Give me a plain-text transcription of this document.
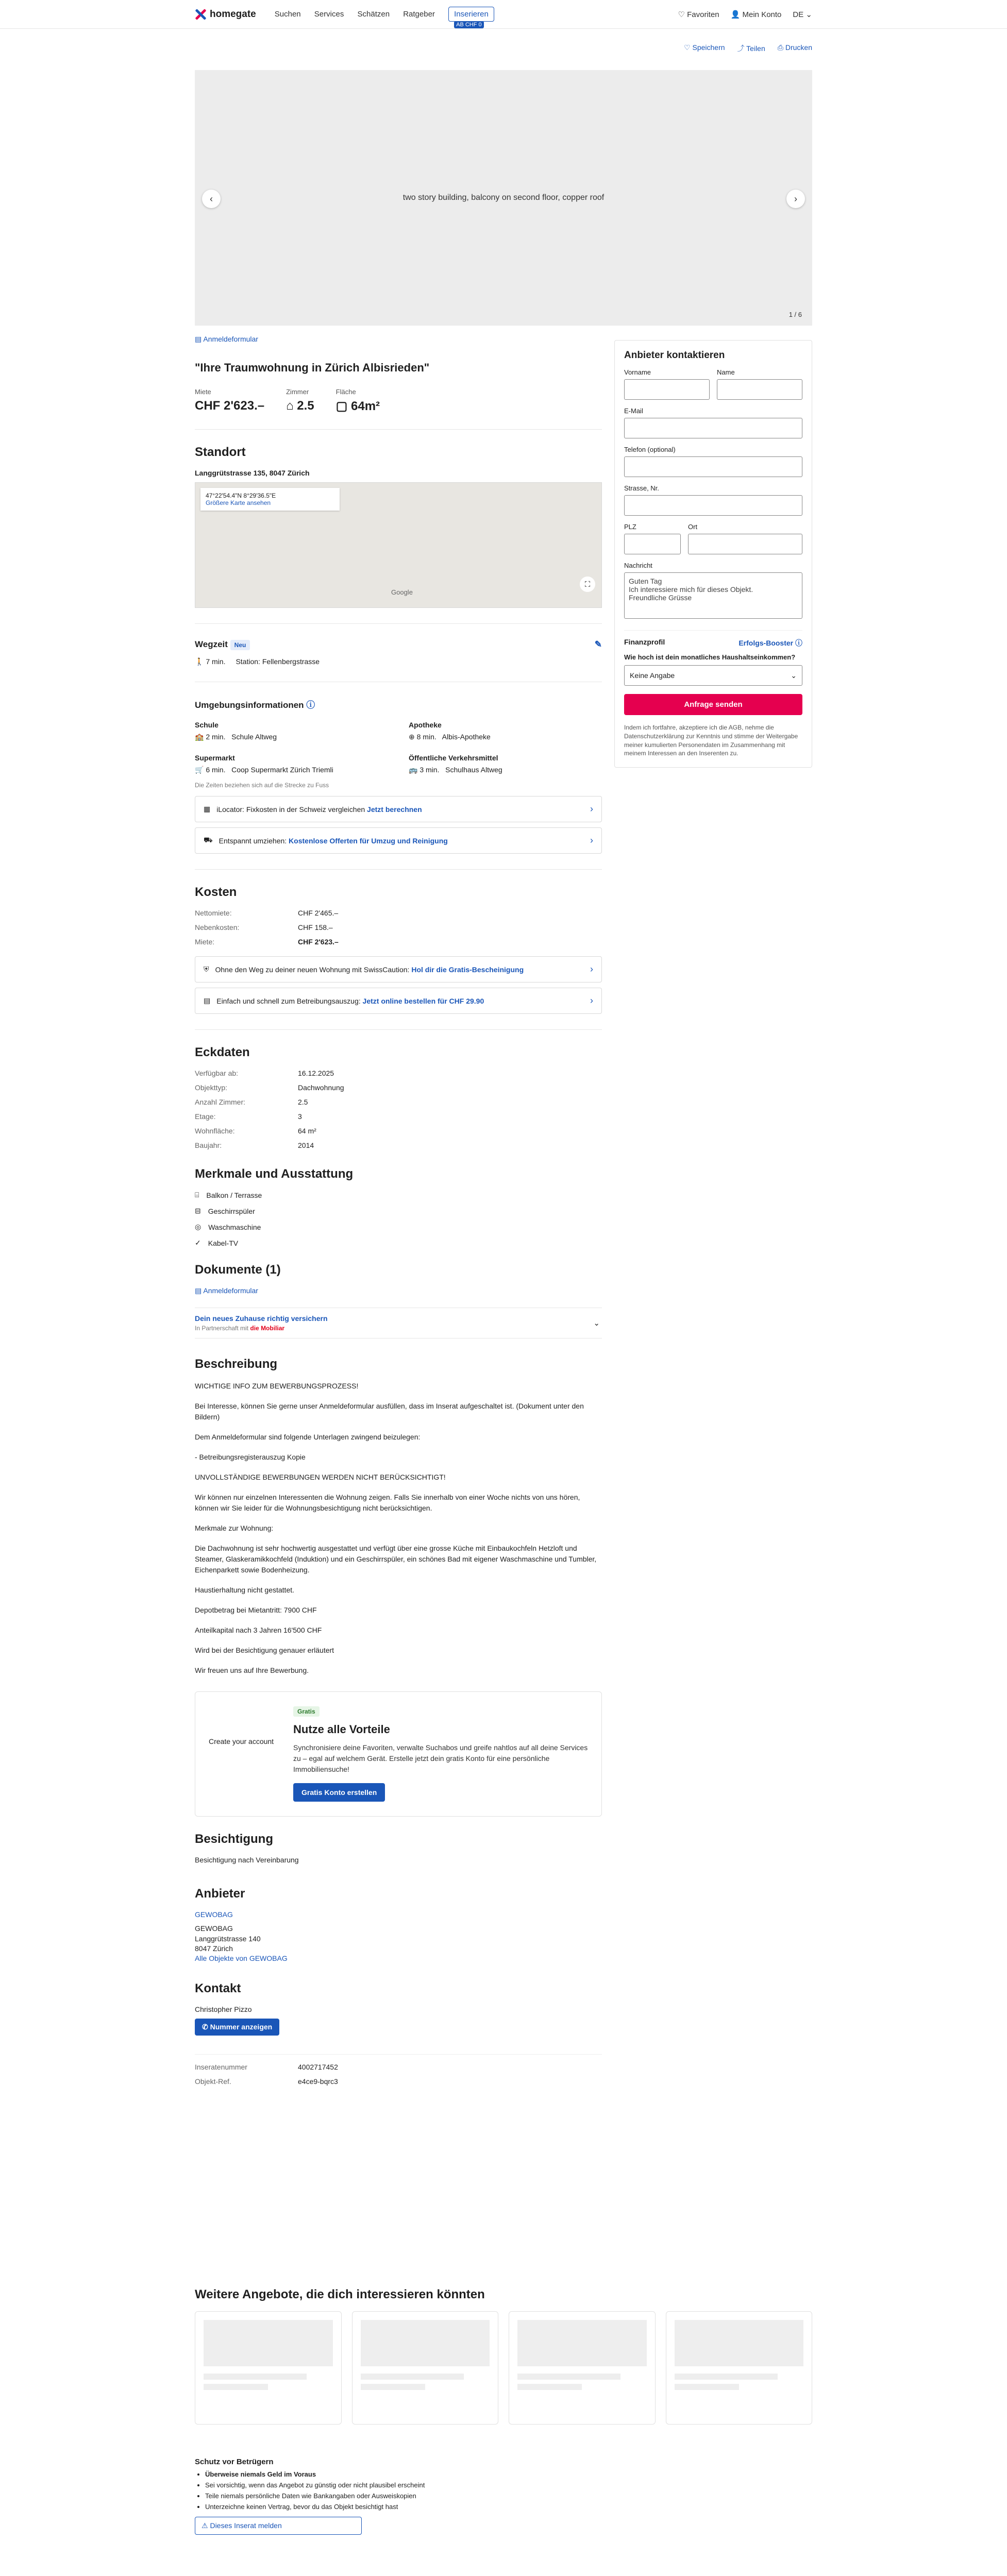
homegate Suchen Services Schätzen Ratgeber Inserieren
AB CHF 0
♡ Favoriten 👤 Mein Konto DE ⌄
♡ Speichern ⤴ Teilen ⎙ Drucken
two story building, balcony on second floor, copper roof
‹	›
1 / 6
▤ Anmeldeformular
"Ihre Traumwohnung in Zürich Albisrieden"
Miete
CHF 2'623.–
Zimmer
⌂ 2.5
Fläche
▢ 64m²
Standort
Langgrütstrasse 135, 8047 Zürich
47°22'54.4"N 8°29'36.5"E
Größere Karte ansehen
Google
⛶
Wegzeit Neu	✎
🚶 7 min. Station: Fellenbergstrasse
Umgebungsinformationen ⓘ
Schule
🏫 2 min. Schule Altweg
Apotheke
⊕ 8 min. Albis-Apotheke
Supermarkt
🛒 6 min. Coop Supermarkt Zürich Triemli
Öffentliche Verkehrsmittel
🚌 3 min. Schulhaus Altweg
Die Zeiten beziehen sich auf die Strecke zu Fuss
▦ iLocator: Fixkosten in der Schweiz vergleichen Jetzt berechnen	›
⛟ Entspannt umziehen: Kostenlose Offerten für Umzug und Reinigung	›
Kosten
Nettomiete:	CHF 2'465.–
Nebenkosten:	CHF 158.–
Miete:	CHF 2'623.–
⛨ Ohne den Weg zu deiner neuen Wohnung mit SwissCaution: Hol dir die Gratis-Bescheinigung	›
▤ Einfach und schnell zum Betreibungsauszug: Jetzt online bestellen für CHF 29.90	›
Eckdaten
Verfügbar ab:	16.12.2025
Objekttyp:	Dachwohnung
Anzahl Zimmer:	2.5
Etage:	3
Wohnfläche:	64 m²
Baujahr:	2014
Merkmale und Ausstattung
⌸ Balkon / Terrasse
⊟ Geschirrspüler
◎ Waschmaschine
✓ Kabel-TV
Dokumente (1)
▤ Anmeldeformular
Dein neues Zuhause richtig versichern
In Partnerschaft mit die Mobiliar
⌄
Beschreibung

WICHTIGE INFO ZUM BEWERBUNGSPROZESS!

Bei Interesse, können Sie gerne unser Anmeldeformular ausfüllen, dass im Inserat aufgeschaltet ist. (Dokument unter den Bildern)

Dem Anmeldeformular sind folgende Unterlagen zwingend beizulegen:

- Betreibungsregisterauszug Kopie

UNVOLLSTÄNDIGE BEWERBUNGEN WERDEN NICHT BERÜCKSICHTIGT!

Wir können nur einzelnen Interessenten die Wohnung zeigen. Falls Sie innerhalb von einer Woche nichts von uns hören, können wir Sie leider für die Wohnungsbesichtigung nicht berücksichtigen.

Merkmale zur Wohnung:

Die Dachwohnung ist sehr hochwertig ausgestattet und verfügt über eine grosse Küche mit Einbaukochfeln Hetzloft und Steamer, Glaskeramikkochfeld (Induktion) und ein Geschirrspüler, ein schönes Bad mit eigener Waschmaschine und Tumbler, Eichenparkett sowie Bodenheizung.

Haustierhaltung nicht gestattet.

Depotbetrag bei Mietantritt: 7900 CHF

Anteilkapital nach 3 Jahren 16'500 CHF

Wird bei der Besichtigung genauer erläutert

Wir freuen uns auf Ihre Bewerbung.

Create your account
Gratis
Nutze alle Vorteile
Synchronisiere deine Favoriten, verwalte Suchabos und greife nahtlos auf all deine Services zu – egal auf welchem Gerät. Erstelle jetzt dein gratis Konto für eine persönliche Immobiliensuche!
Gratis Konto erstellen
Besichtigung
Besichtigung nach Vereinbarung
Anbieter
GEWOBAG
GEWOBAG
Langgrütstrasse 140
8047 Zürich
Alle Objekte von GEWOBAG
Kontakt
Christopher Pizzo
✆ Nummer anzeigen
Inseratenummer	4002717452
Objekt-Ref.	e4ce9-bqrc3
Anbieter kontaktieren
Vorname	Name
E-Mail
Telefon (optional)
Strasse, Nr.
PLZ	Ort
Nachricht
Guten Tag
Ich interessiere mich für dieses Objekt.
Freundliche Grüsse
Finanzprofil	Erfolgs-Booster ⓘ
Wie hoch ist dein monatliches Haushaltseinkommen?
Keine Angabe	⌄
Anfrage senden
Indem ich fortfahre, akzeptiere ich die AGB, nehme die Datenschutzerklärung zur Kenntnis und stimme der Weitergabe meiner kumulierten Personendaten im Zusammenhang mit meinem Interessen an den Inserenten zu.
Weitere Angebote, die dich interessieren könnten
Schutz vor Betrügern
• Überweise niemals Geld im Voraus
• Sei vorsichtig, wenn das Angebot zu günstig oder nicht plausibel erscheint
• Teile niemals persönliche Daten wie Bankangaben oder Ausweiskopien
• Unterzeichne keinen Vertrag, bevor du das Objekt besichtigt hast
⚠ Dieses Inserat melden
